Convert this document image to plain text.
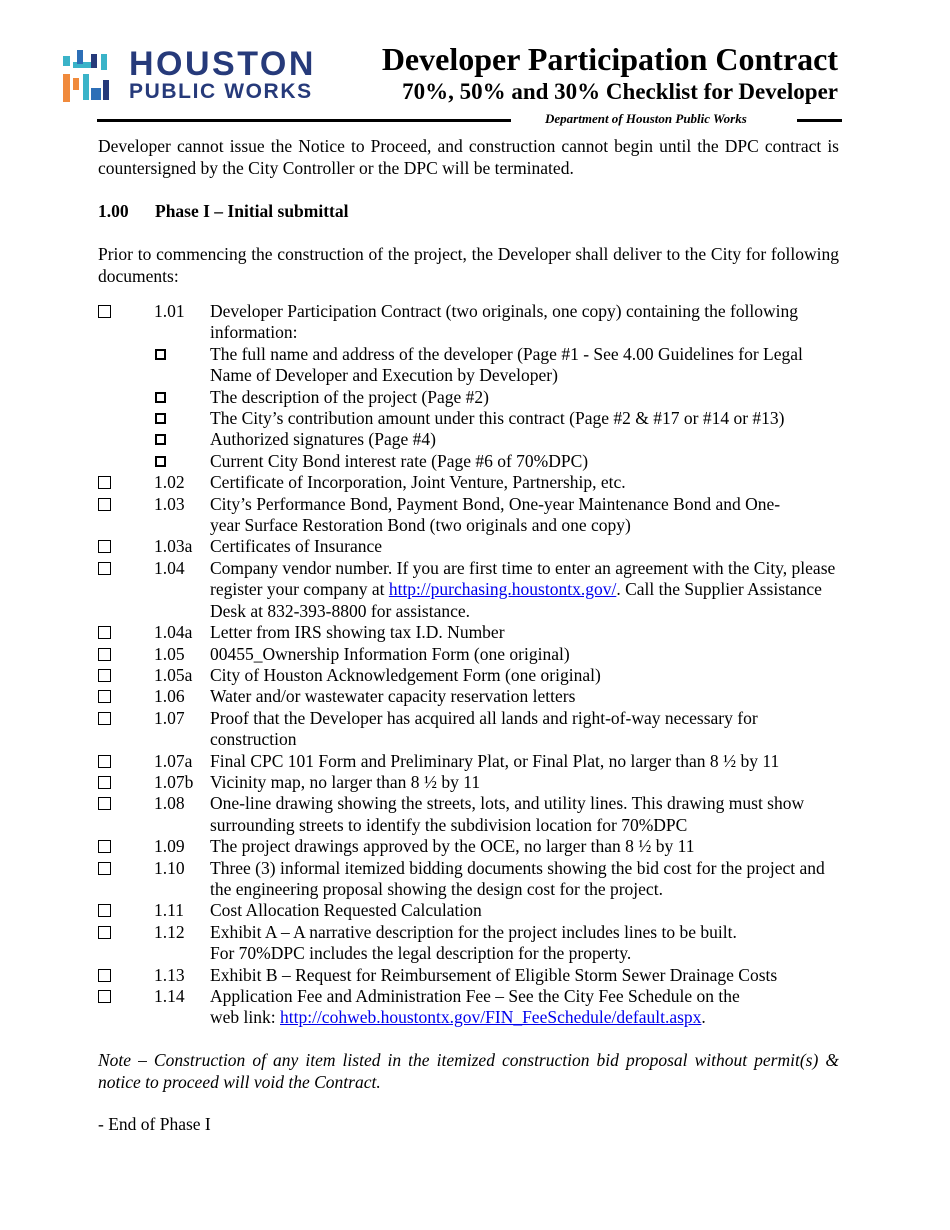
HOUSTON
PUBLIC WORKS
Developer Participation Contract
70%, 50% and 30% Checklist for Developer
Department of Houston Public Works
Developer cannot issue the Notice to Proceed, and construction cannot begin until the DPC contract is countersigned by the City Controller or the DPC will be terminated.
1.00 Phase I – Initial submittal
Prior to commencing the construction of the project, the Developer shall deliver to the City for following documents:
1.01 Developer Participation Contract (two originals, one copy) containing the following information:
The full name and address of the developer (Page #1 - See 4.00 Guidelines for Legal Name of Developer and Execution by Developer)
The description of the project (Page #2)
The City’s contribution amount under this contract (Page #2 & #17 or #14 or #13)
Authorized signatures (Page #4)
Current City Bond interest rate (Page #6 of 70%DPC)
1.02 Certificate of Incorporation, Joint Venture, Partnership, etc.
1.03 City’s Performance Bond, Payment Bond, One-year Maintenance Bond and One-year Surface Restoration Bond (two originals and one copy)
1.03a Certificates of Insurance
1.04 Company vendor number. If you are first time to enter an agreement with the City, please register your company at http://purchasing.houstontx.gov/. Call the Supplier Assistance Desk at 832-393-8800 for assistance.
1.04a Letter from IRS showing tax I.D. Number
1.05 00455_Ownership Information Form (one original)
1.05a City of Houston Acknowledgement Form (one original)
1.06 Water and/or wastewater capacity reservation letters
1.07 Proof that the Developer has acquired all lands and right-of-way necessary for construction
1.07a Final CPC 101 Form and Preliminary Plat, or Final Plat, no larger than 8 ½ by 11
1.07b Vicinity map, no larger than 8 ½ by 11
1.08 One-line drawing showing the streets, lots, and utility lines. This drawing must show surrounding streets to identify the subdivision location for 70%DPC
1.09 The project drawings approved by the OCE, no larger than 8 ½ by 11
1.10 Three (3) informal itemized bidding documents showing the bid cost for the project and the engineering proposal showing the design cost for the project.
1.11 Cost Allocation Requested Calculation
1.12 Exhibit A – A narrative description for the project includes lines to be built.
For 70%DPC includes the legal description for the property.
1.13 Exhibit B – Request for Reimbursement of Eligible Storm Sewer Drainage Costs
1.14 Application Fee and Administration Fee – See the City Fee Schedule on the
web link: http://cohweb.houstontx.gov/FIN_FeeSchedule/default.aspx.
Note – Construction of any item listed in the itemized construction bid proposal without permit(s) & notice to proceed will void the Contract.
- End of Phase I
